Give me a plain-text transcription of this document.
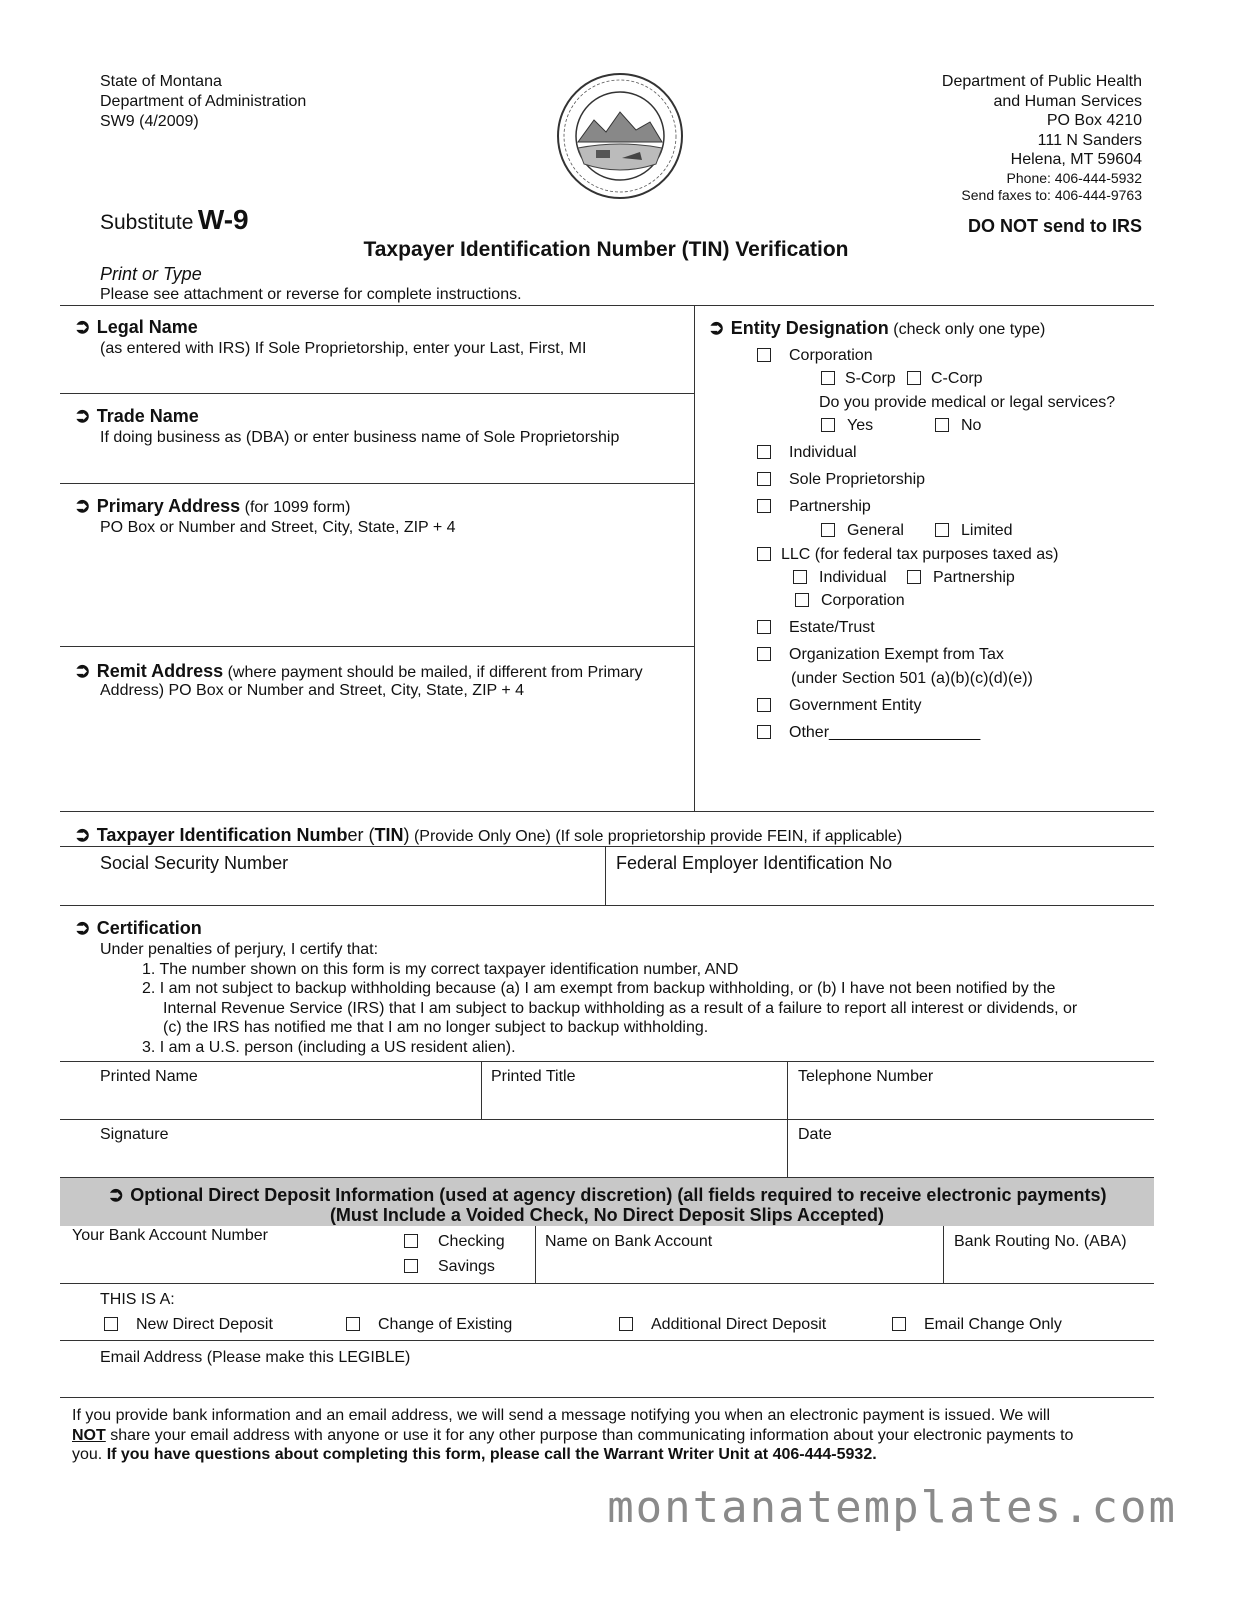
State of Montana
Department of Administration
SW9 (4/2009)
Department of Public Health
and Human Services
PO Box 4210
111 N Sanders
Helena, MT 59604
Phone: 406-444-5932
Send faxes to: 406-444-9763
Substitute W-9	DO NOT send to IRS
Taxpayer Identification Number (TIN) Verification
Print or Type
Please see attachment or reverse for complete instructions.
➲ Legal Name
(as entered with IRS) If Sole Proprietorship, enter your Last, First, MI
➲ Trade Name
If doing business as (DBA) or enter business name of Sole Proprietorship
➲ Primary Address (for 1099 form)
PO Box or Number and Street, City, State, ZIP + 4
➲ Remit Address (where payment should be mailed, if different from Primary
Address) PO Box or Number and Street, City, State, ZIP + 4
➲ Entity Designation (check only one type)
Corporation
S-Corp	C-Corp
Do you provide medical or legal services?
Yes	No
Individual
Sole Proprietorship
Partnership
General	Limited
LLC (for federal tax purposes taxed as)
Individual	Partnership
Corporation
Estate/Trust
Organization Exempt from Tax
(under Section 501 (a)(b)(c)(d)(e))
Government Entity
Other_________________
➲ Taxpayer Identification Number (TIN) (Provide Only One) (If sole proprietorship provide FEIN, if applicable)
Social Security Number	Federal Employer Identification No
➲ Certification
Under penalties of perjury, I certify that:
1. The number shown on this form is my correct taxpayer identification number, AND
2. I am not subject to backup withholding because (a) I am exempt from backup withholding, or (b) I have not been notified by the
Internal Revenue Service (IRS) that I am subject to backup withholding as a result of a failure to report all interest or dividends, or
(c) the IRS has notified me that I am no longer subject to backup withholding.
3. I am a U.S. person (including a US resident alien).
Printed Name	Printed Title	Telephone Number
Signature	Date
➲ Optional Direct Deposit Information (used at agency discretion) (all fields required to receive electronic payments)
(Must Include a Voided Check, No Direct Deposit Slips Accepted)
Your Bank Account Number	Checking
Savings
Name on Bank Account	Bank Routing No. (ABA)
THIS IS A:
New Direct Deposit	Change of Existing	Additional Direct Deposit	Email Change Only
Email Address (Please make this LEGIBLE)
If you provide bank information and an email address, we will send a message notifying you when an electronic payment is issued. We will
NOT share your email address with anyone or use it for any other purpose than communicating information about your electronic payments to
you. If you have questions about completing this form, please call the Warrant Writer Unit at 406-444-5932.
montanatemplates.com
